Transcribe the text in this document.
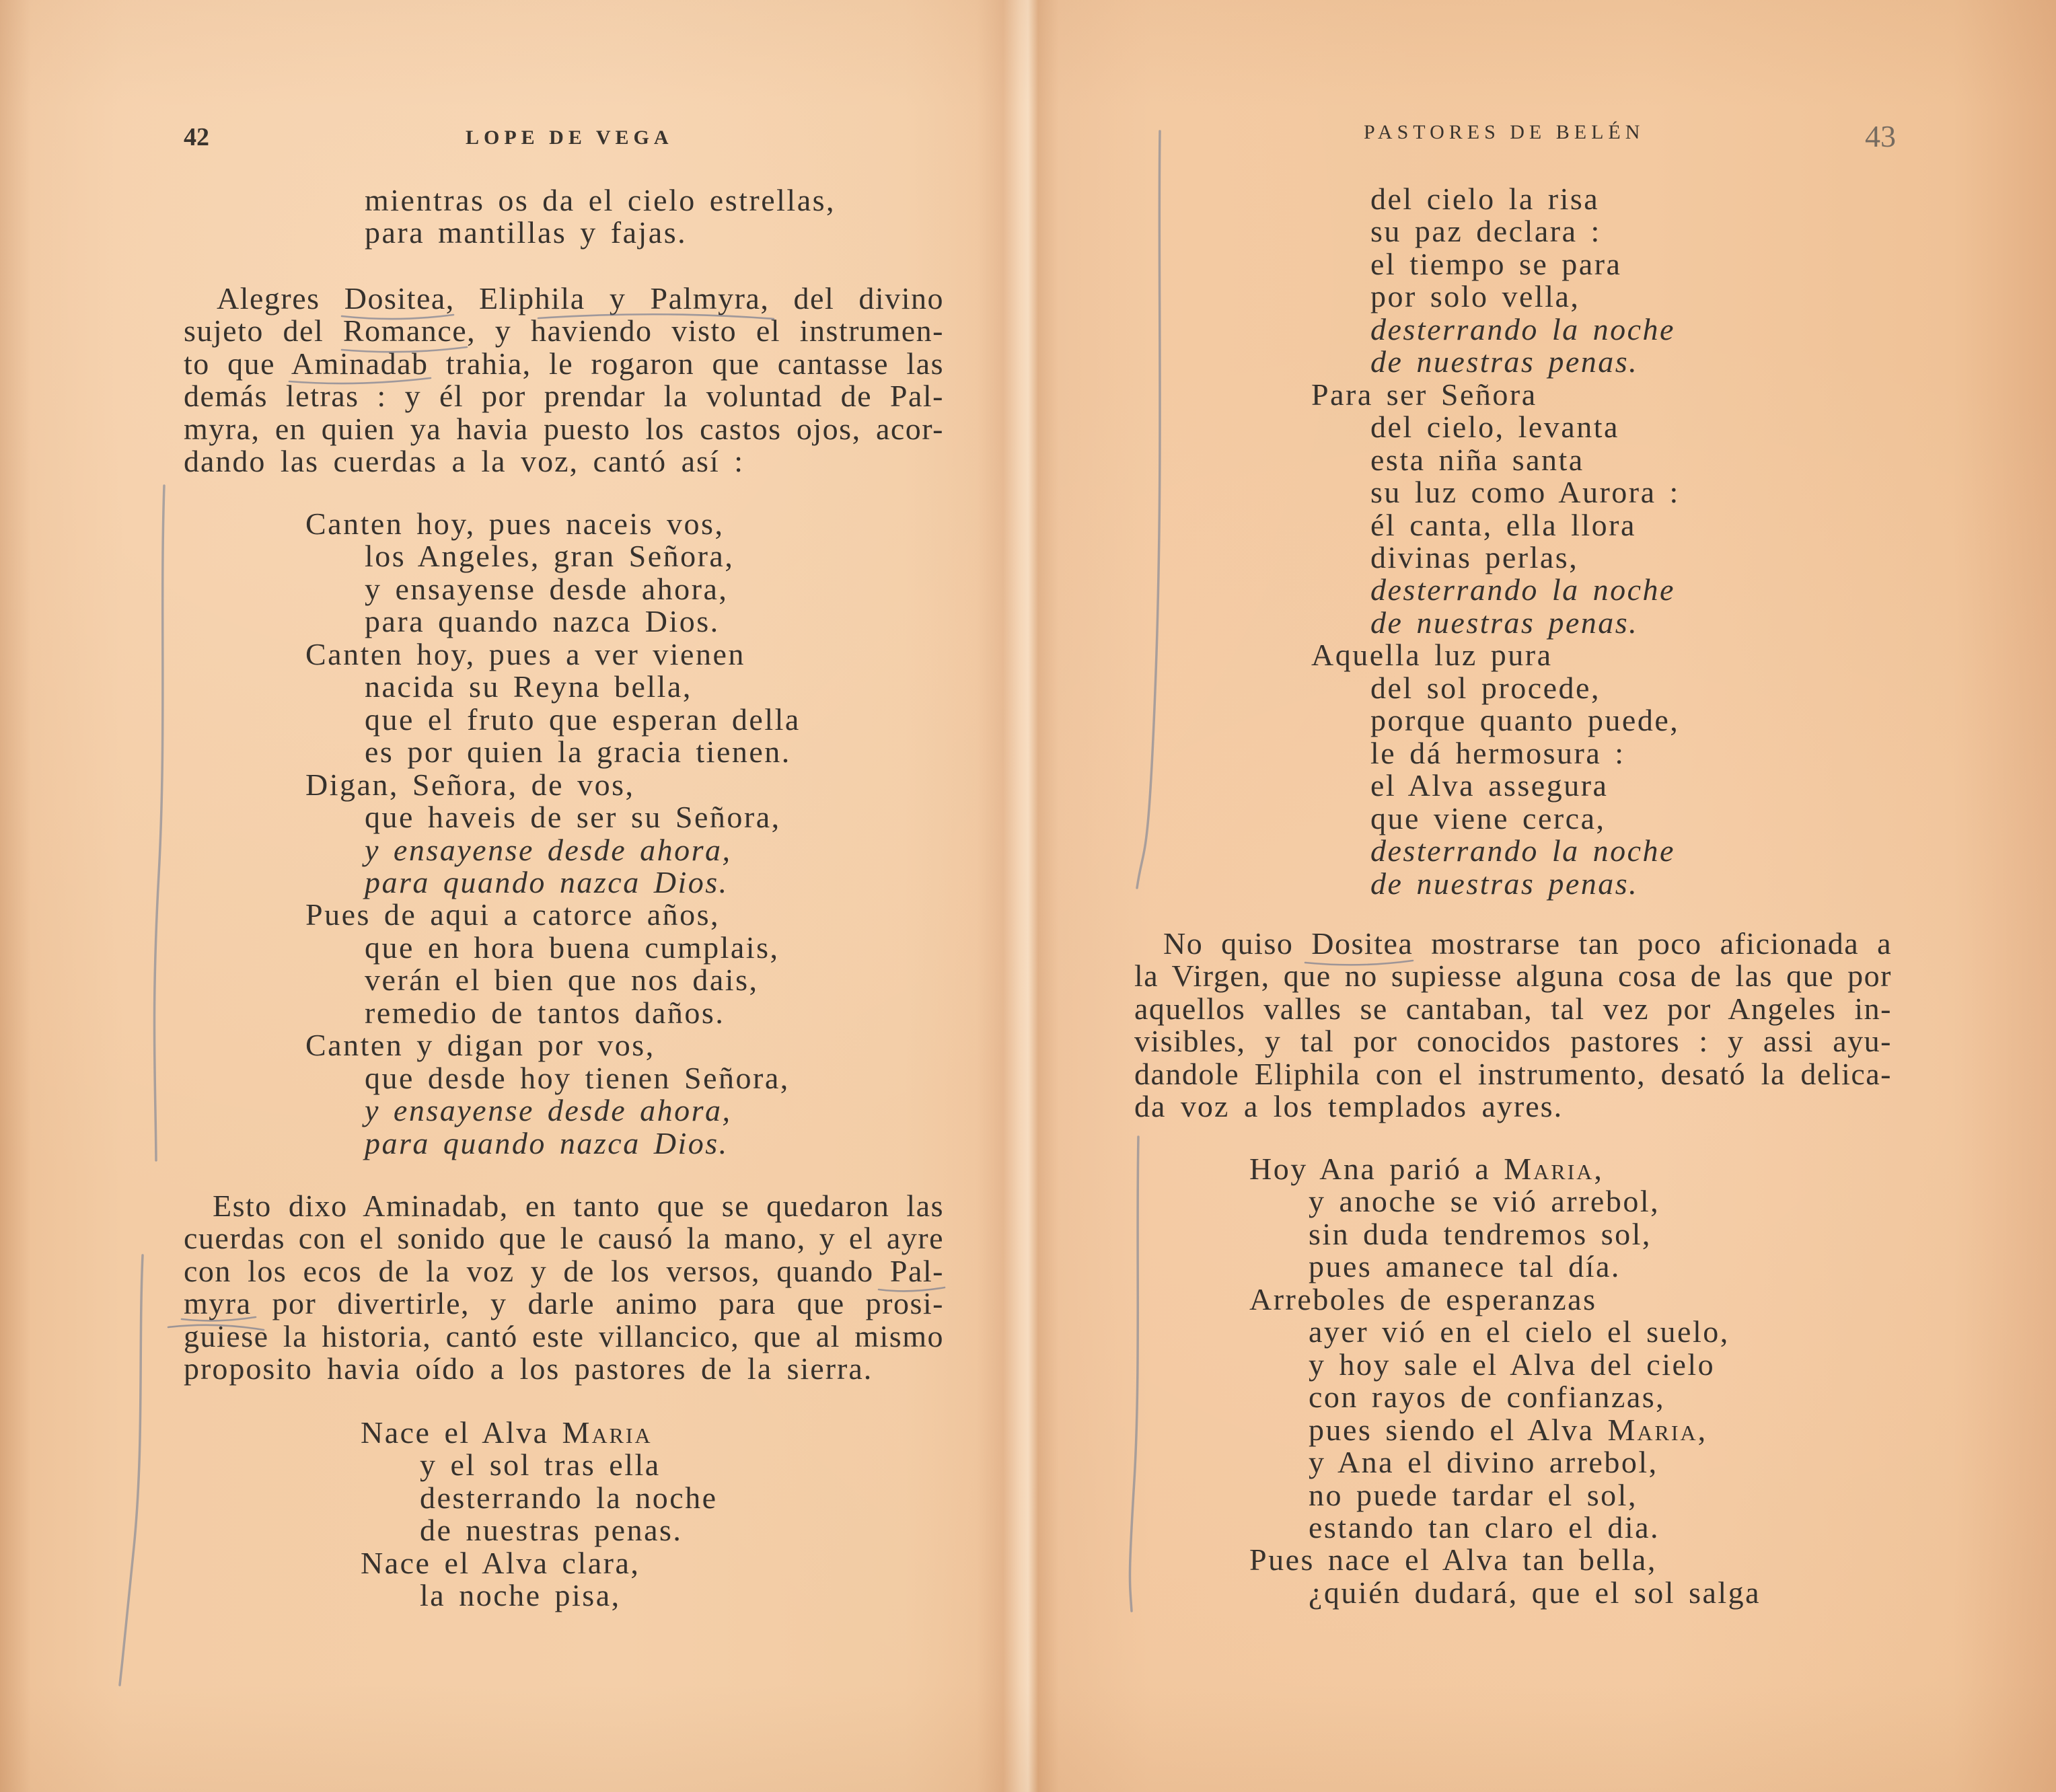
42	LOPE DE VEGA
mientras os da el cielo estrellas,
para mantillas y fajas.
Alegres Dositea, Eliphila y Palmyra, del divino
sujeto del Romance, y haviendo visto el instrumen-
to que Aminadab trahia, le rogaron que cantasse las
demás letras : y él por prendar la voluntad de Pal-
myra, en quien ya havia puesto los castos ojos, acor-
dando las cuerdas a la voz, cantó así :
Canten hoy, pues naceis vos,
los Angeles, gran Señora,
y ensayense desde ahora,
para quando nazca Dios.
Canten hoy, pues a ver vienen
nacida su Reyna bella,
que el fruto que esperan della
es por quien la gracia tienen.
Digan, Señora, de vos,
que haveis de ser su Señora,
y ensayense desde ahora,
para quando nazca Dios.
Pues de aqui a catorce años,
que en hora buena cumplais,
verán el bien que nos dais,
remedio de tantos daños.
Canten y digan por vos,
que desde hoy tienen Señora,
y ensayense desde ahora,
para quando nazca Dios.
Esto dixo Aminadab, en tanto que se quedaron las
cuerdas con el sonido que le causó la mano, y el ayre
con los ecos de la voz y de los versos, quando Pal-
myra por divertirle, y darle animo para que prosi-
guiese la historia, cantó este villancico, que al mismo
proposito havia oído a los pastores de la sierra.
Nace el Alva Maria
y el sol tras ella
desterrando la noche
de nuestras penas.
Nace el Alva clara,
la noche pisa,
PASTORES DE BELÉN	43
del cielo la risa
su paz declara :
el tiempo se para
por solo vella,
desterrando la noche
de nuestras penas.
Para ser Señora
del cielo, levanta
esta niña santa
su luz como Aurora :
él canta, ella llora
divinas perlas,
desterrando la noche
de nuestras penas.
Aquella luz pura
del sol procede,
porque quanto puede,
le dá hermosura :
el Alva assegura
que viene cerca,
desterrando la noche
de nuestras penas.
No quiso Dositea mostrarse tan poco aficionada a
la Virgen, que no supiesse alguna cosa de las que por
aquellos valles se cantaban, tal vez por Angeles in-
visibles, y tal por conocidos pastores : y assi ayu-
dandole Eliphila con el instrumento, desató la delica-
da voz a los templados ayres.
Hoy Ana parió a Maria,
y anoche se vió arrebol,
sin duda tendremos sol,
pues amanece tal día.
Arreboles de esperanzas
ayer vió en el cielo el suelo,
y hoy sale el Alva del cielo
con rayos de confianzas,
pues siendo el Alva Maria,
y Ana el divino arrebol,
no puede tardar el sol,
estando tan claro el dia.
Pues nace el Alva tan bella,
¿quién dudará, que el sol salga
